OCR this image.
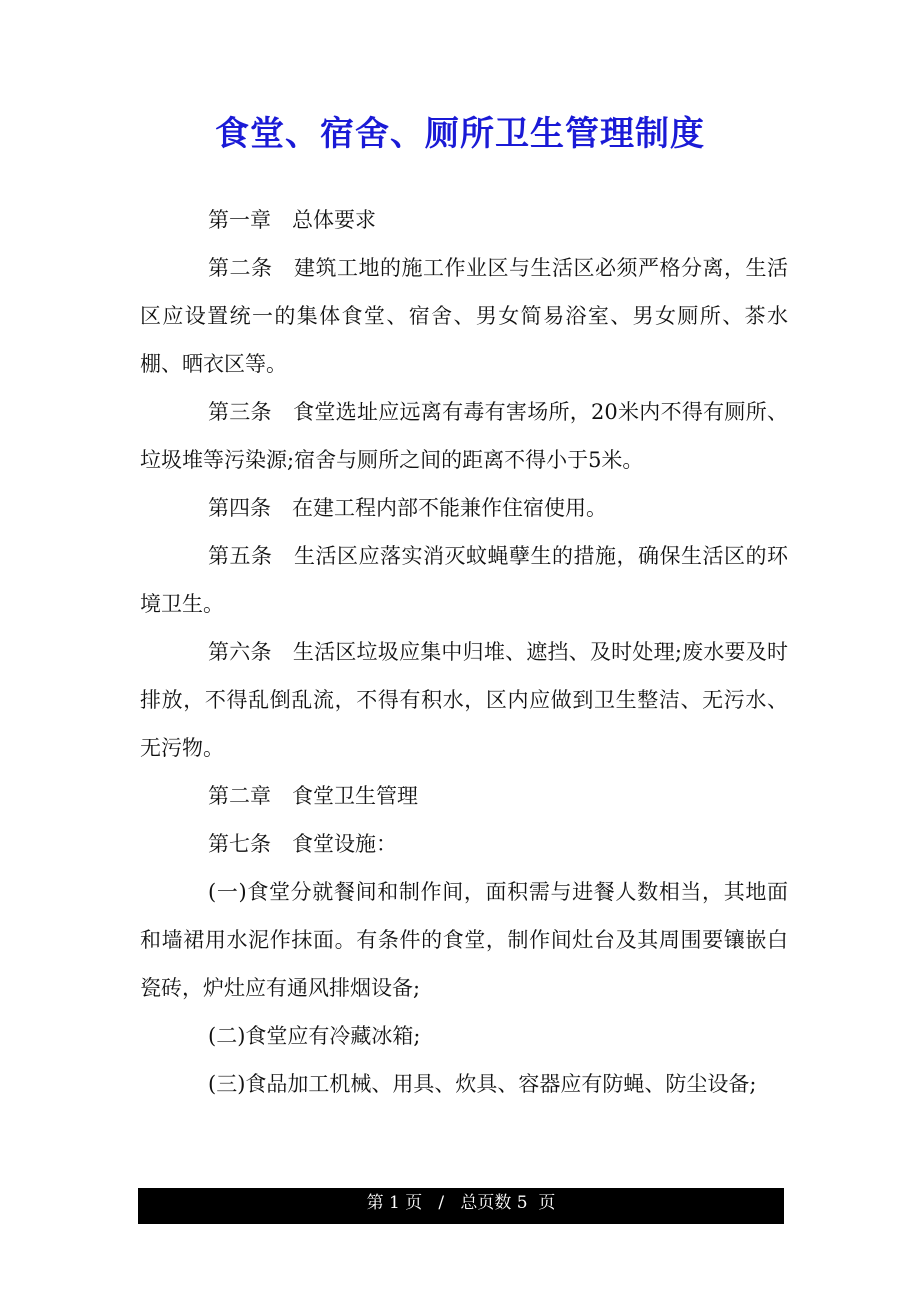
食堂、宿舍、厕所卫生管理制度

第一章　总体要求

第二条　建筑工地的施工作业区与生活区必须严格分离，生活区应设置统一的集体食堂、宿舍、男女简易浴室、男女厕所、茶水棚、晒衣区等。

第三条　食堂选址应远离有毒有害场所，20米内不得有厕所、垃圾堆等污染源;宿舍与厕所之间的距离不得小于5米。

第四条　在建工程内部不能兼作住宿使用。

第五条　生活区应落实消灭蚊蝇孽生的措施，确保生活区的环境卫生。

第六条　生活区垃圾应集中归堆、遮挡、及时处理;废水要及时排放，不得乱倒乱流，不得有积水，区内应做到卫生整洁、无污水、无污物。

第二章　食堂卫生管理

第七条　食堂设施：

(一)食堂分就餐间和制作间，面积需与进餐人数相当，其地面和墙裙用水泥作抹面。有条件的食堂，制作间灶台及其周围要镶嵌白瓷砖，炉灶应有通风排烟设备;

(二)食堂应有冷藏冰箱;

(三)食品加工机械、用具、炊具、容器应有防蝇、防尘设备;

第 1 页   /   总页数 5  页
